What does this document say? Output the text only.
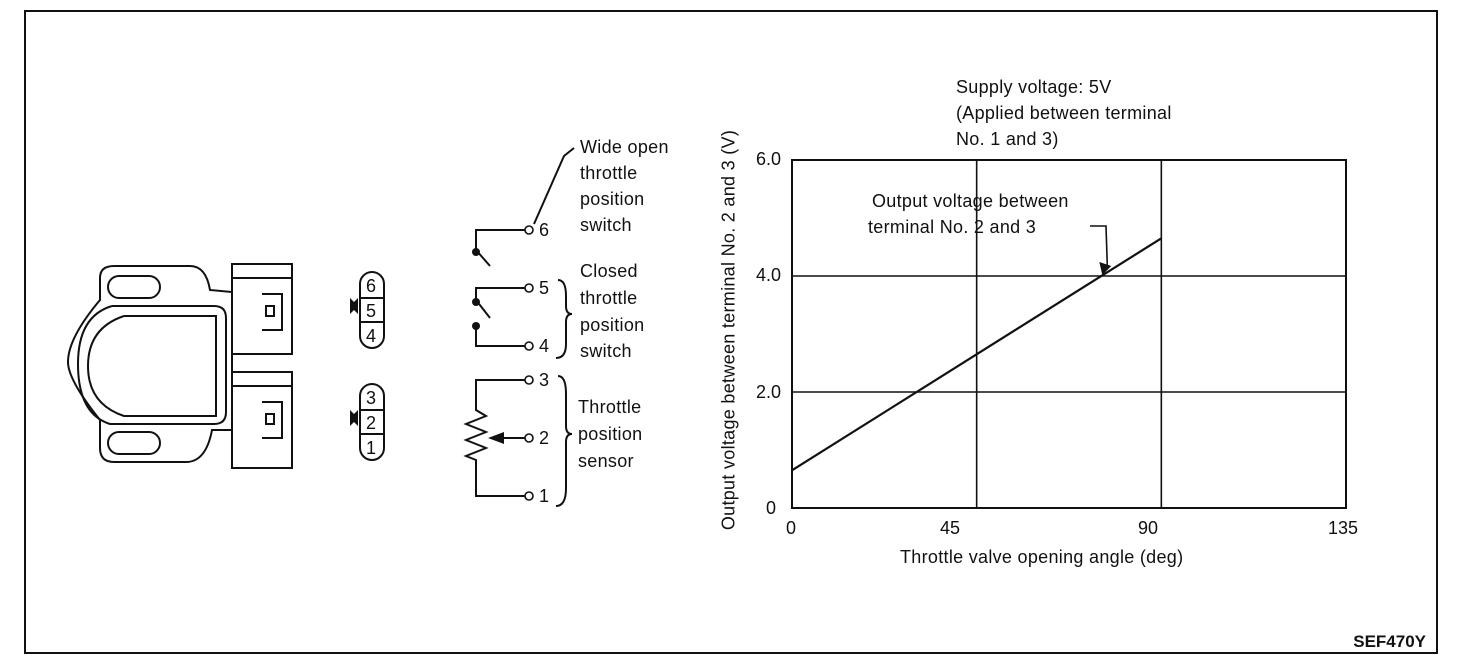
6
5
4
3
2
1
6
5
4
3
2
1
Wide open
throttle
position
switch
Closed
throttle
position
switch
Throttle
position
sensor
Supply voltage: 5V
(Applied between terminal
No. 1 and 3)
Output voltage between
terminal No. 2 and 3
Output voltage between terminal No. 2 and 3 (V)
Throttle valve opening angle (deg)
0	45	90	135
0
2.0
4.0
6.0
SEF470Y
